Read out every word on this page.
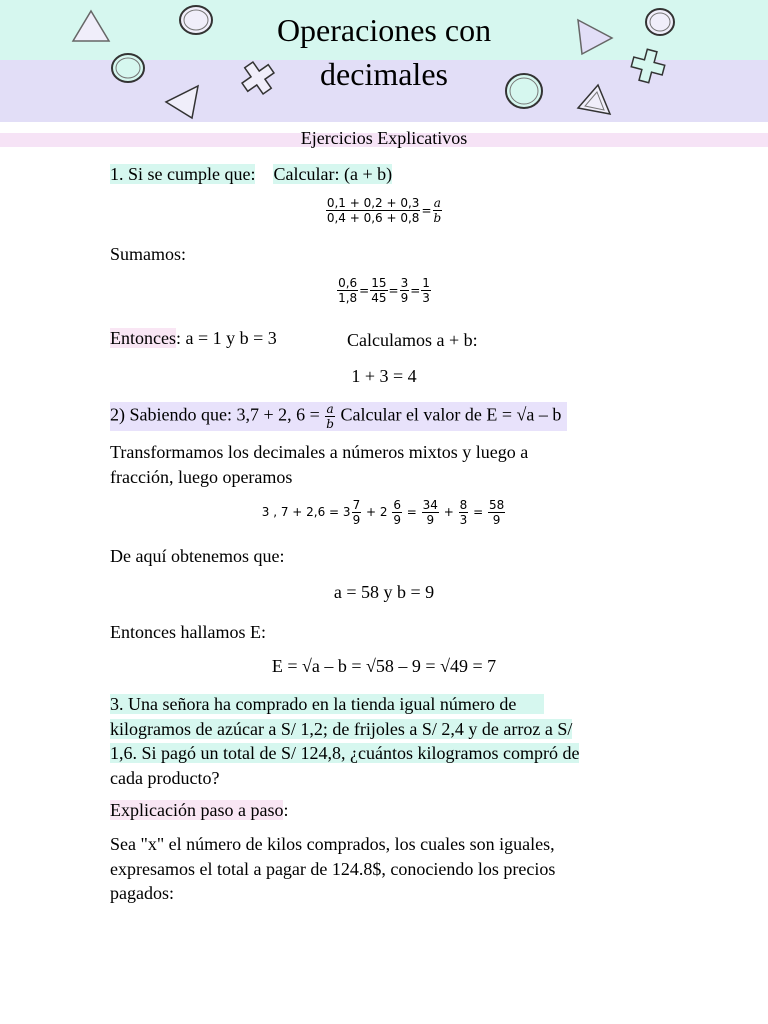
Operaciones con
decimales
Ejercicios Explicativos
1. Si se cumple que: Calcular: (a + b)
$\frac{0,1 + 0,2 + 0,3}{0,4 + 0,6 + 0,8} = \frac{a}{b}$
Sumamos:
$\frac{0,6}{1,8} = \frac{15}{45} = \frac{3}{9} = \frac{1}{3}$
Entonces: a = 1 y b = 3	Calculamos a + b:
1 + 3 = 4
2) Sabiendo que: 3,7 + 2, $6 = \frac{a}{b}$ Calcular el valor de E = √a – b
Transformamos los decimales a números mixtos y luego a
fracción, luego operamos
3 , $7 + 2,6 = 3 \frac{7}{9} + 2 \frac{6}{9} = \frac{34}{9} + \frac{8}{3} = \frac{58}{9}$
De aquí obtenemos que:
a = 58 y b = 9
Entonces hallamos E:
E = √a – b = √58 – 9 = √49 = 7
3. Una señora ha comprado en la tienda igual número de
kilogramos de azúcar a S/ 1,2; de frijoles a S/ 2,4 y de arroz a S/
1,6. Si pagó un total de S/ 124,8, ¿cuántos kilogramos compró de
cada producto?
Explicación paso a paso:
Sea "x" el número de kilos comprados, los cuales son iguales,
expresamos el total a pagar de 124.8$, conociendo los precios
pagados:
